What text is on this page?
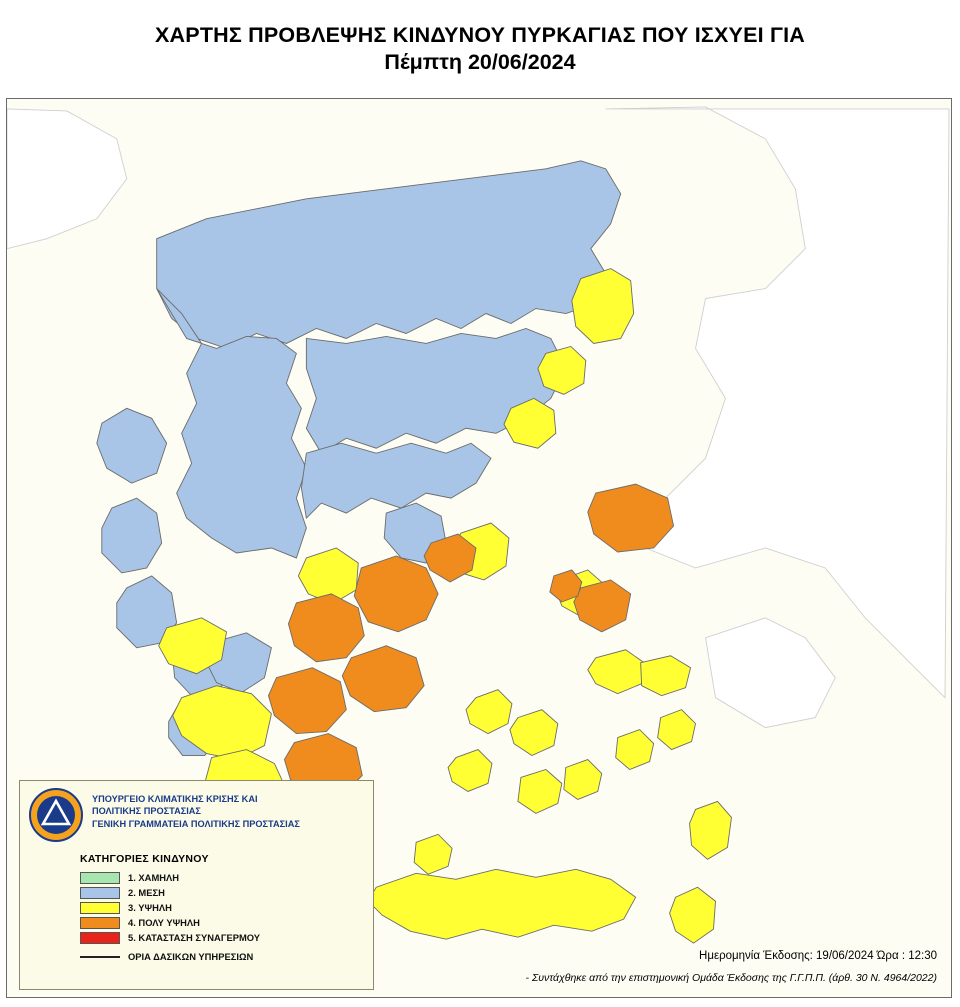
ΧΑΡΤΗΣ ΠΡΟΒΛΕΨΗΣ ΚΙΝΔΥΝΟΥ ΠΥΡΚΑΓΙΑΣ ΠΟΥ ΙΣΧΥΕΙ ΓΙΑ
Πέμπτη 20/06/2024
ΥΠΟΥΡΓΕΙΟ ΚΛΙΜΑΤΙΚΗΣ ΚΡΙΣΗΣ ΚΑΙ
ΠΟΛΙΤΙΚΗΣ ΠΡΟΣΤΑΣΙΑΣ
ΓΕΝΙΚΗ ΓΡΑΜΜΑΤΕΙΑ ΠΟΛΙΤΙΚΗΣ ΠΡΟΣΤΑΣΙΑΣ
ΚΑΤΗΓΟΡΙΕΣ ΚΙΝΔΥΝΟΥ
1. ΧΑΜΗΛΗ
2. ΜΕΣΗ
3. ΥΨΗΛΗ
4. ΠΟΛΥ ΥΨΗΛΗ
5. ΚΑΤΑΣΤΑΣΗ ΣΥΝΑΓΕΡΜΟΥ
ΟΡΙΑ ΔΑΣΙΚΩΝ ΥΠΗΡΕΣΙΩΝ	Ημερομηνία Έκδοσης: 19/06/2024 Ώρα : 12:30
- Συντάχθηκε από την επιστημονική Ομάδα Έκδοσης της Γ.Γ.Π.Π. (άρθ. 30 Ν. 4964/2022)
